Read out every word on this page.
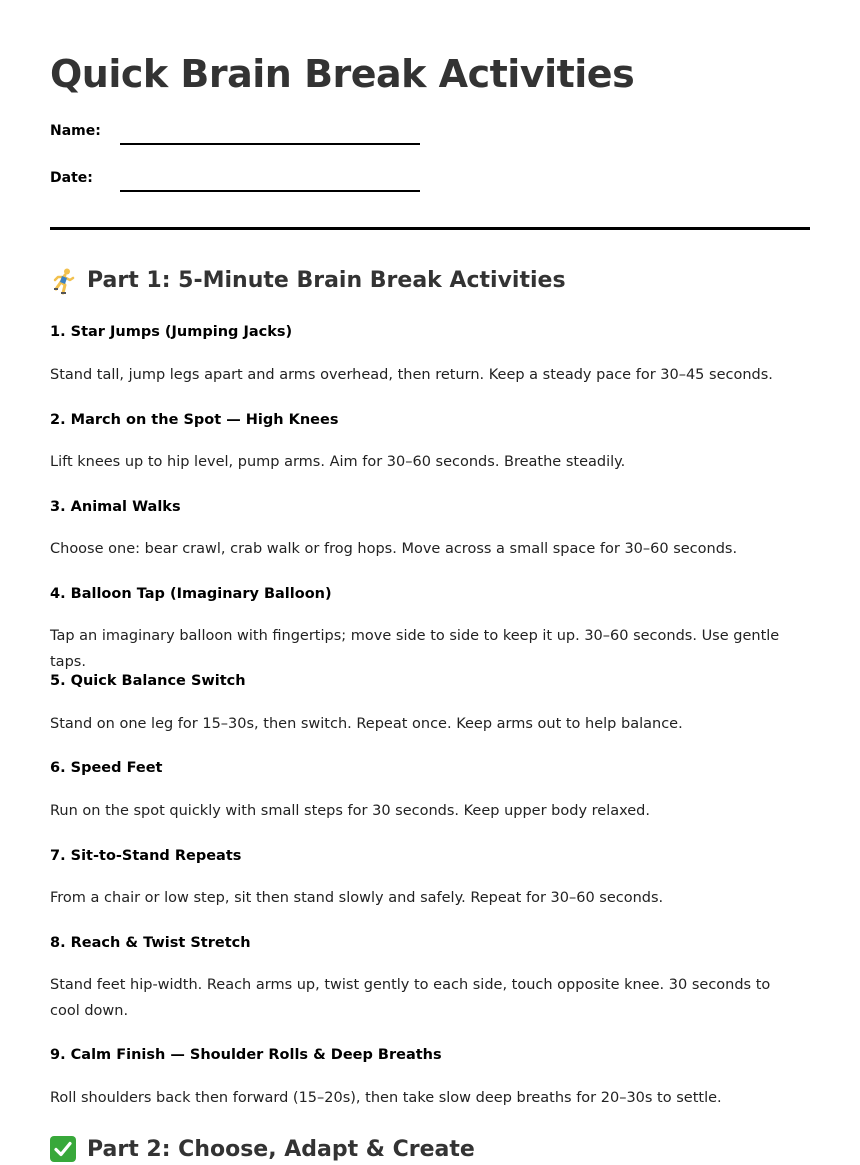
Quick Brain Break Activities
Name:
Date:
Part 1: 5-Minute Brain Break Activities
1. Star Jumps (Jumping Jacks)

Stand tall, jump legs apart and arms overhead, then return. Keep a steady pace for 30–45 seconds.

2. March on the Spot — High Knees

Lift knees up to hip level, pump arms. Aim for 30–60 seconds. Breathe steadily.

3. Animal Walks

Choose one: bear crawl, crab walk or frog hops. Move across a small space for 30–60 seconds.

4. Balloon Tap (Imaginary Balloon)

Tap an imaginary balloon with fingertips; move side to side to keep it up. 30–60 seconds. Use gentle taps.

5. Quick Balance Switch

Stand on one leg for 15–30s, then switch. Repeat once. Keep arms out to help balance.

6. Speed Feet

Run on the spot quickly with small steps for 30 seconds. Keep upper body relaxed.

7. Sit-to-Stand Repeats

From a chair or low step, sit then stand slowly and safely. Repeat for 30–60 seconds.

8. Reach & Twist Stretch

Stand feet hip-width. Reach arms up, twist gently to each side, touch opposite knee. 30 seconds to cool down.

9. Calm Finish — Shoulder Rolls & Deep Breaths

Roll shoulders back then forward (15–20s), then take slow deep breaths for 20–30s to settle.

Part 2: Choose, Adapt & Create
